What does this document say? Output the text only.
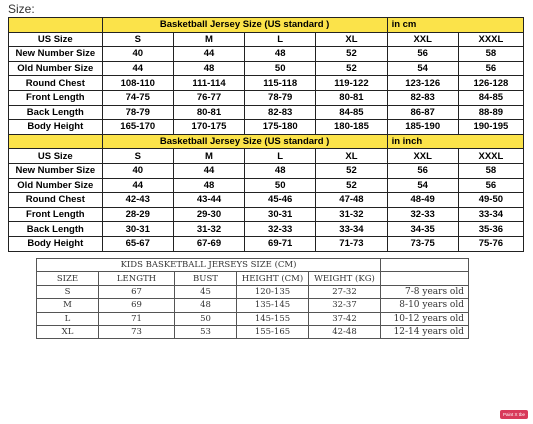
Size:
	Basketball Jersey Size (US standard )				in cm	
US Size	S	M	L	XL	XXL	XXXL
New Number Size	40	44	48	52	56	58
Old Number Size	44	48	50	52	54	56
Round Chest	108-110	111-114	115-118	119-122	123-126	126-128
Front Length	74-75	76-77	78-79	80-81	82-83	84-85
Back Length	78-79	80-81	82-83	84-85	86-87	88-89
Body Height	165-170	170-175	175-180	180-185	185-190	190-195
	Basketball Jersey Size (US standard )				in inch	
US Size	S	M	L	XL	XXL	XXXL
New Number Size	40	44	48	52	56	58
Old Number Size	44	48	50	52	54	56
Round Chest	42-43	43-44	45-46	47-48	48-49	49-50
Front Length	28-29	29-30	30-31	31-32	32-33	33-34
Back Length	30-31	31-32	32-33	33-34	34-35	35-36
Body Height	65-67	67-69	69-71	71-73	73-75	75-76
KIDS BASKETBALL JERSEYS SIZE (CM)					
SIZE	LENGTH	BUST	HEIGHT (CM)	WEIGHT (KG)	
S	67	45	120-135	27-32	7-8 years old
M	69	48	135-145	32-37	8-10 years old
L	71	50	145-155	37-42	10-12 years old
XL	73	53	155-165	42-48	12-14 years old
Paint X tbe
